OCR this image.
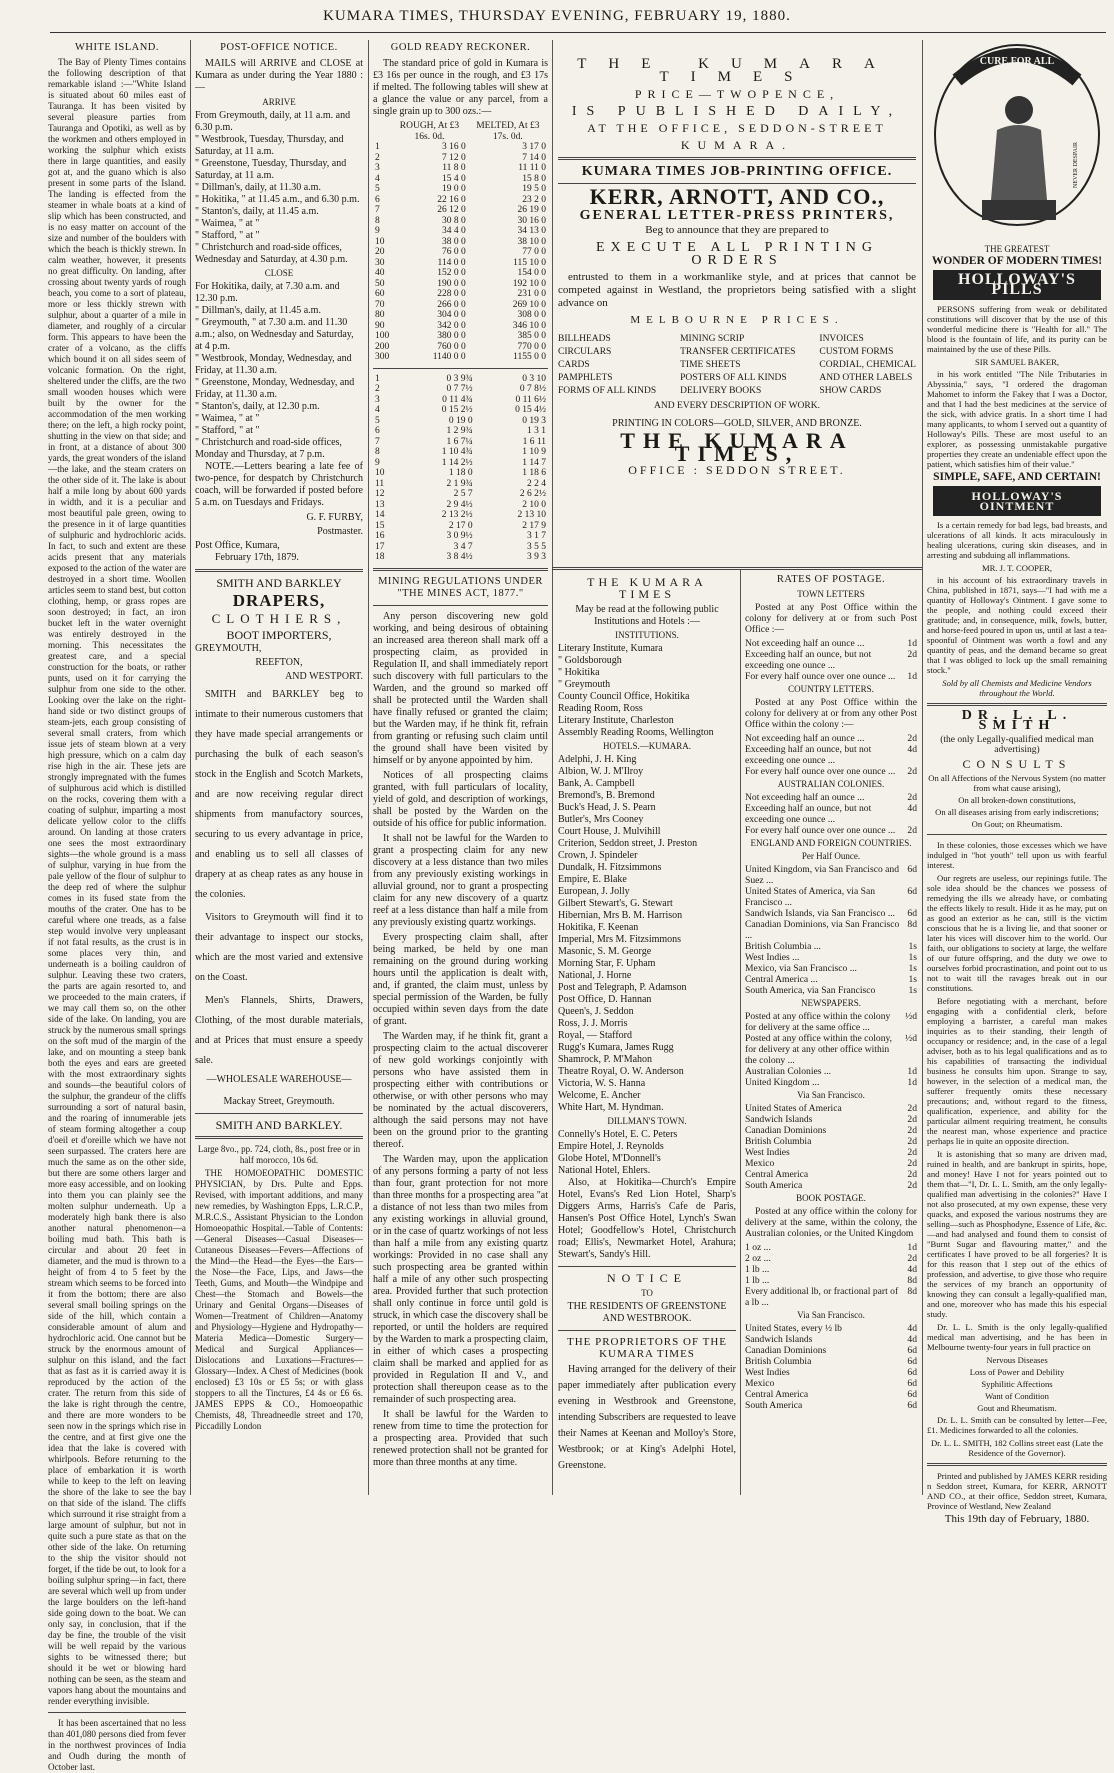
KUMARA TIMES, THURSDAY EVENING, FEBRUARY 19, 1880.
WHITE ISLAND.

The Bay of Plenty Times contains the following description of that remarkable island :—"White Island is situated about 60 miles east of Tauranga. It has been visited by several pleasure parties from Tauranga and Opotiki, as well as by the workmen and others employed in working the sulphur which exists there in large quantities, and easily got at, and the guano which is also present in some parts of the Island. The landing is effected from the steamer in whale boats at a kind of slip which has been constructed, and is no easy matter on account of the size and number of the boulders with which the beach is thickly strewn. In calm weather, however, it presents no great difficulty. On landing, after crossing about twenty yards of rough beach, you come to a sort of plateau, more or less thickly strewn with sulphur, about a quarter of a mile in diameter, and roughly of a circular form. This appears to have been the crater of a volcano, as the cliffs which bound it on all sides seem of volcanic formation. On the right, sheltered under the cliffs, are the two small wooden houses which were built by the owner for the accommodation of the men working there; on the left, a high rocky point, shutting in the view on that side; and in front, at a distance of about 300 yards, the great wonders of the island—the lake, and the steam craters on the other side of it. The lake is about half a mile long by about 600 yards in width, and it is a peculiar and most beautiful pale green, owing to the presence in it of large quantities of sulphuric and hydrochloric acids. In fact, to such and extent are these acids present that any materials exposed to the action of the water are destroyed in a short time. Woollen articles seem to stand best, but cotton clothing, hemp, or grass ropes are soon destroyed; in fact, an iron bucket left in the water overnight was entirely destroyed in the morning. This necessitates the greatest care, and a special construction for the boats, or rather punts, used on it for carrying the sulphur from one side to the other. Looking over the lake on the right-hand side or two distinct groups of steam-jets, each group consisting of several small craters, from which issue jets of steam blown at a very high pressure, which on a calm day rise high in the air. These jets are strongly impregnated with the fumes of sulphurous acid which is distilled on the rocks, covering them with a coating of sulphur, imparting a most delicate yellow color to the cliffs around. On landing at those craters one sees the most extraordinary sights—the whole ground is a mass of sulphur, varying in hue from the pale yellow of the flour of sulphur to the deep red of where the sulphur comes in its fused state from the mouths of the crater. One has to be careful where one treads, as a false step would involve very unpleasant if not fatal results, as the crust is in some places very thin, and underneath is a boiling cauldron of sulphur. Leaving these two craters, the parts are again resorted to, and we proceeded to the main craters, if we may call them so, on the other side of the lake. On landing, you are struck by the numerous small springs on the soft mud of the margin of the lake, and on mounting a steep bank both the eyes and ears are greeted with the most extraordinary sights and sounds—the beautiful colors of the sulphur, the grandeur of the cliffs surrounding a sort of natural basin, and the roaring of innumerable jets of steam forming altogether a coup d'oeil et d'oreille which we have not seen surpassed. The craters here are much the same as on the other side, but there are some others larger and more easy accessible, and on looking into them you can plainly see the molten sulphur underneath. Up a moderately high bank there is also another natural phenomenon—a boiling mud bath. This bath is circular and about 20 feet in diameter, and the mud is thrown to a height of from 4 to 5 feet by the stream which seems to be forced into it from the bottom; there are also several small boiling springs on the side of the hill, which contain a considerable amount of alum and hydrochloric acid. One cannot but be struck by the enormous amount of sulphur on this island, and the fact that as fast as it is carried away it is reproduced by the action of the crater. The return from this side of the lake is right through the centre, and there are more wonders to be seen now in the springs which rise in the centre, and at first give one the idea that the lake is covered with whirlpools. Before returning to the place of embarkation it is worth while to keep to the left on leaving the shore of the lake to see the bay on that side of the island. The cliffs which surround it rise straight from a large amount of sulphur, but not in quite such a pure state as that on the other side of the lake. On returning to the ship the visitor should not forget, if the tide be out, to look for a boiling sulphur spring—in fact, there are several which well up from under the large boulders on the left-hand side going down to the boat. We can only say, in conclusion, that if the day be fine, the trouble of the visit will be well repaid by the various sights to be witnessed there; but should it be wet or blowing hard nothing can be seen, as the steam and vapors hang about the mountains and render everything invisible.

It has been ascertained that no less than 401,080 persons died from fever in the northwest provinces of India and Oudh during the month of October last.

POST-OFFICE NOTICE.

MAILS will ARRIVE and CLOSE at Kumara as under during the Year 1880 :—

ARRIVE
From Greymouth, daily, at 11 a.m. and 6.30 p.m.
" Westbrook, Tuesday, Thursday, and Saturday, at 11 a.m.
" Greenstone, Tuesday, Thursday, and Saturday, at 11 a.m.
" Dillman's, daily, at 11.30 a.m.
" Hokitika, " at 11.45 a.m., and 6.30 p.m.
" Stanton's, daily, at 11.45 a.m.
" Waimea, " at "
" Stafford, " at "
" Christchurch and road-side offices, Wednesday and Saturday, at 4.30 p.m.
CLOSE
For Hokitika, daily, at 7.30 a.m. and 12.30 p.m.
" Dillman's, daily, at 11.45 a.m.
" Greymouth, " at 7.30 a.m. and 11.30 a.m.; also, on Wednesday and Saturday, at 4 p.m.
" Westbrook, Monday, Wednesday, and Friday, at 11.30 a.m.
" Greenstone, Monday, Wednesday, and Friday, at 11.30 a.m.
" Stanton's, daily, at 12.30 p.m.
" Waimea, " at "
" Stafford, " at "
" Christchurch and road-side offices, Monday and Thursday, at 7 p.m.

NOTE.—Letters bearing a late fee of two-pence, for despatch by Christchurch coach, will be forwarded if posted before 5 a.m. on Tuesdays and Fridays.

G. F. FURBY,
Postmaster.
Post Office, Kumara,
February 17th, 1879.
SMITH AND BARKLEY
DRAPERS,
CLOTHIERS,
BOOT IMPORTERS,
GREYMOUTH,
REEFTON,
AND WESTPORT.

SMITH and BARKLEY beg to intimate to their numerous customers that they have made special arrangements or purchasing the bulk of each season's stock in the English and Scotch Markets, and are now receiving regular direct shipments from manufactory sources, securing to us every advantage in price, and enabling us to sell all classes of drapery at as cheap rates as any house in the colonies.

Visitors to Greymouth will find it to their advantage to inspect our stocks, which are the most varied and extensive on the Coast.

Men's Flannels, Shirts, Drawers, Clothing, of the most durable materials, and at Prices that must ensure a speedy sale.

—WHOLESALE WAREHOUSE—
Mackay Street, Greymouth.
SMITH AND BARKLEY.

Large 8vo., pp. 724, cloth, 8s., post free or in half morocco, 10s 6d.

THE HOMOEOPATHIC DOMESTIC PHYSICIAN, by Drs. Pulte and Epps. Revised, with important additions, and many new remedies, by Washington Epps, L.R.C.P., M.R.C.S., Assistant Physician to the London Homoeopathic Hospital.—Table of Contents:—General Diseases—Casual Diseases—Cutaneous Diseases—Fevers—Affections of the Mind—the Head—the Eyes—the Ears—the Nose—the Face, Lips, and Jaws—the Teeth, Gums, and Mouth—the Windpipe and Chest—the Stomach and Bowels—the Urinary and Genital Organs—Diseases of Women—Treatment of Children—Anatomy and Physiology—Hygiene and Hydropathy—Materia Medica—Domestic Surgery—Medical and Surgical Appliances—Dislocations and Luxations—Fractures—Glossary—Index. A Chest of Medicines (book enclosed) £3 10s or £5 5s; or with glass stoppers to all the Tinctures, £4 4s or £6 6s. JAMES EPPS & CO., Homoeopathic Chemists, 48, Threadneedle street and 170, Piccadilly London

GOLD READY RECKONER.

The standard price of gold in Kumara is £3 16s per ounce in the rough, and £3 17s if melted. The following tables will shew at a glance the value or any parcel, from a single grain up to 300 ozs.:—

	ROUGH, At £3 16s. 0d.	MELTED, At £3 17s. 0d.
1	3 16 0	3 17 0
2	7 12 0	7 14 0
3	11 8 0	11 11 0
4	15 4 0	15 8 0
5	19 0 0	19 5 0
6	22 16 0	23 2 0
7	26 12 0	26 19 0
8	30 8 0	30 16 0
9	34 4 0	34 13 0
10	38 0 0	38 10 0
20	76 0 0	77 0 0
30	114 0 0	115 10 0
40	152 0 0	154 0 0
50	190 0 0	192 10 0
60	228 0 0	231 0 0
70	266 0 0	269 10 0
80	304 0 0	308 0 0
90	342 0 0	346 10 0
100	380 0 0	385 0 0
200	760 0 0	770 0 0
300	1140 0 0	1155 0 0
1	0 3 9¾	0 3 10
2	0 7 7½	0 7 8½
3	0 11 4¾	0 11 6½
4	0 15 2½	0 15 4½
5	0 19 0	0 19 3
6	1 2 9¾	1 3 1
7	1 6 7¼	1 6 11
8	1 10 4¾	1 10 9
9	1 14 2½	1 14 7
10	1 18 0	1 18 6
11	2 1 9¾	2 2 4
12	2 5 7	2 6 2½
13	2 9 4½	2 10 0
14	2 13 2½	2 13 10
15	2 17 0	2 17 9
16	3 0 9½	3 1 7
17	3 4 7	3 5 5
18	3 8 4½	3 9 3
MINING REGULATIONS UNDER "THE MINES ACT, 1877."

Any person discovering new gold working, and being desirous of obtaining an increased area thereon shall mark off a prospecting claim, as provided in Regulation II, and shall immediately report such discovery with full particulars to the Warden, and the ground so marked off shall be protected until the Warden shall have finally refused or granted the claim; but the Warden may, if he think fit, refrain from granting or refusing such claim until the ground shall have been visited by himself or by anyone appointed by him.

Notices of all prospecting claims granted, with full particulars of locality, yield of gold, and description of workings, shall be posted by the Warden on the outside of his office for public information.

It shall not be lawful for the Warden to grant a prospecting claim for any new discovery at a less distance than two miles from any previously existing workings in alluvial ground, nor to grant a prospecting claim for any new discovery of a quartz reef at a less distance than half a mile from any previously existing quartz workings.

Every prospecting claim shall, after being marked, be held by one man remaining on the ground during working hours until the application is dealt with, and, if granted, the claim must, unless by special permission of the Warden, be fully occupied within seven days from the date of grant.

The Warden may, if he think fit, grant a prospecting claim to the actual discoverer of new gold workings conjointly with persons who have assisted them in prospecting either with contributions or otherwise, or with other persons who may be nominated by the actual discoverers, although the said persons may not have been on the ground prior to the granting thereof.

The Warden may, upon the application of any persons forming a party of not less than four, grant protection for not more than three months for a prospecting area "at a distance of not less than two miles from any existing workings in alluvial ground, or in the case of quartz workings of not less than half a mile from any existing quartz workings: Provided in no case shall any such prospecting area be granted within half a mile of any other such prospecting area. Provided further that such protection shall only continue in force until gold is struck, in which case the discovery shall be reported, or until the holders are required by the Warden to mark a prospecting claim, in either of which cases a prospecting claim shall be marked and applied for as provided in Regulation II and V., and protection shall thereupon cease as to the remainder of such prospecting area.

It shall be lawful for the Warden to renew from time to time the protection for a prospecting area. Provided that such renewed protection shall not be granted for more than three months at any time.

THE KUMARA TIMES
PRICE—TWOPENCE,
IS PUBLISHED DAILY,
AT THE OFFICE, SEDDON-STREET
KUMARA.
KUMARA TIMES JOB-PRINTING OFFICE.
KERR, ARNOTT, AND CO.,
GENERAL LETTER-PRESS PRINTERS,
Beg to announce that they are prepared to
EXECUTE ALL PRINTING ORDERS

entrusted to them in a workmanlike style, and at prices that cannot be competed against in Westland, the proprietors being satisfied with a slight advance on

MELBOURNE PRICES.
BILLHEADS
CIRCULARS
CARDS
PAMPHLETS
FORMS OF ALL KINDS
MINING SCRIP
TRANSFER CERTIFICATES
TIME SHEETS
POSTERS OF ALL KINDS
DELIVERY BOOKS
INVOICES
CUSTOM FORMS
CORDIAL, CHEMICAL
AND OTHER LABELS
SHOW CARDS
AND EVERY DESCRIPTION OF WORK.
PRINTING IN COLORS—GOLD, SILVER, AND BRONZE.
THE KUMARA TIMES,
OFFICE : SEDDON STREET.
THE KUMARA TIMES

May be read at the following public Institutions and Hotels :—

INSTITUTIONS.
Literary Institute, Kumara
" Goldsborough
" Hokitika
" Greymouth
County Council Office, Hokitika
Reading Room, Ross
Literary Institute, Charleston
Assembly Reading Rooms, Wellington
HOTELS.—KUMARA.
Adelphi, J. H. King
Albion, W. J. M'Ilroy
Bank, A. Campbell
Bremond's, B. Bremond
Buck's Head, J. S. Pearn
Butler's, Mrs Cooney
Court House, J. Mulvihill
Criterion, Seddon street, J. Preston
Crown, J. Spindeler
Dundalk, H. Fitzsimmons
Empire, E. Blake
European, J. Jolly
Gilbert Stewart's, G. Stewart
Hibernian, Mrs B. M. Harrison
Hokitika, F. Keenan
Imperial, Mrs M. Fitzsimmons
Masonic, S. M. George
Morning Star, F. Upham
National, J. Horne
Post and Telegraph, P. Adamson
Post Office, D. Hannan
Queen's, J. Seddon
Ross, J. J. Morris
Royal, — Stafford
Rugg's Kumara, James Rugg
Shamrock, P. M'Mahon
Theatre Royal, O. W. Anderson
Victoria, W. S. Hanna
Welcome, E. Ancher
White Hart, M. Hyndman.
DILLMAN'S TOWN.
Connelly's Hotel, E. C. Peters
Empire Hotel, J. Reynolds
Globe Hotel, M'Donnell's
National Hotel, Ehlers.

Also, at Hokitika—Church's Empire Hotel, Evans's Red Lion Hotel, Sharp's Diggers Arms, Harris's Cafe de Paris, Hansen's Post Office Hotel, Lynch's Swan Hotel; Goodfellow's Hotel, Christchurch road; Ellis's, Newmarket Hotel, Arahura; Stewart's, Sandy's Hill.

NOTICE
TO
THE RESIDENTS OF GREENSTONE AND WESTBROOK.
THE PROPRIETORS OF THE KUMARA TIMES

Having arranged for the delivery of their paper immediately after publication every evening in Westbrook and Greenstone, intending Subscribers are requested to leave their Names at Keenan and Molloy's Store, Westbrook; or at King's Adelphi Hotel, Greenstone.

RATES OF POSTAGE.
TOWN LETTERS

Posted at any Post Office within the colony for delivery at or from such Post Office :—

Not exceeding half an ounce ...	1d
Exceeding half an ounce, but not exceeding one ounce ...
2d
For every half ounce over one ounce ...	1d
COUNTRY LETTERS.

Posted at any Post Office within the colony for delivery at or from any other Post Office within the colony :—

Not exceeding half an ounce ...	2d
Exceeding half an ounce, but not exceeding one ounce ...
4d
For every half ounce over one ounce ...	2d
AUSTRALIAN COLONIES.
Not exceeding half an ounce ...	2d
Exceeding half an ounce, but not exceeding one ounce ...
4d
For every half ounce over one ounce ...	2d
ENGLAND AND FOREIGN COUNTRIES.
Per Half Ounce.
United Kingdom, via San Francisco and Suez ...
6d
United States of America, via San Francisco ...
6d
Sandwich Islands, via San Francisco ...	6d
Canadian Dominions, via San Francisco ...
8d
British Columbia ...	1s
West Indies ...	1s
Mexico, via San Francisco ...	1s
Central America ...	1s
South America, via San Francisco	1s
NEWSPAPERS.
Posted at any office within the colony for delivery at the same office ...
½d
Posted at any office within the colony, for delivery at any other office within the colony ...
½d
Australian Colonies ...	1d
United Kingdom ...	1d
Via San Francisco.
United States of America	2d
Sandwich Islands	2d
Canadian Dominions	2d
British Columbia	2d
West Indies	2d
Mexico	2d
Central America	2d
South America	2d
BOOK POSTAGE.

Posted at any office within the colony for delivery at the same, within the colony, the Australian colonies, or the United Kingdom

1 oz ...	1d
2 oz ...	2d
1 lb ...	4d
1 lb ...	8d
Every additional lb, or fractional part of a lb ...
8d
Via San Francisco.
United States, every ½ lb	4d
Sandwich Islands	4d
Canadian Dominions	6d
British Columbia	6d
West Indies	6d
Mexico	6d
Central America	6d
South America	6d
CURE FOR ALL
NEVER DESPAIR
THE GREATEST
WONDER OF MODERN TIMES!
HOLLOWAY'S PILLS

PERSONS suffering from weak or debilitated constitutions will discover that by the use of this wonderful medicine there is "Health for all." The blood is the fountain of life, and its purity can be maintained by the use of these Pills.

SIR SAMUEL BAKER,

in his work entitled "The Nile Tributaries in Abyssinia," says, "I ordered the dragoman Mahomet to inform the Fakey that I was a Doctor, and that I had the best medicines at the service of the sick, with advice gratis. In a short time I had many applicants, to whom I served out a quantity of Holloway's Pills. These are most useful to an explorer, as possessing unmistakable purgative properties they create an undeniable effect upon the patient, which satisfies him of their value."

SIMPLE, SAFE, AND CERTAIN!
HOLLOWAY'S OINTMENT

Is a certain remedy for bad legs, bad breasts, and ulcerations of all kinds. It acts miraculously in healing ulcerations, curing skin diseases, and in arresting and subduing all inflammations.

MR. J. T. COOPER,

in his account of his extraordinary travels in China, published in 1871, says—"I had with me a quantity of Holloway's Ointment. I gave some to the people, and nothing could exceed their gratitude; and, in consequence, milk, fowls, butter, and horse-feed poured in upon us, until at last a tea-spoonful of Ointment was worth a fowl and any quantity of peas, and the demand became so great that I was obliged to lock up the small remaining stock."

Sold by all Chemists and Medicine Vendors throughout the World.

DR. L. L. SMITH
(the only Legally-qualified medical man advertising)
CONSULTS
On all Affections of the Nervous System (no matter from what cause arising),
On all broken-down constitutions,
On all diseases arising from early indiscretions;
On Gout; on Rheumatism.

In these colonies, those excesses which we have indulged in "hot youth" tell upon us with fearful interest.

Our regrets are useless, our repinings futile. The sole idea should be the chances we possess of remedying the ills we already have, or combating the effects likely to result. Hide it as he may, put on as good an exterior as he can, still is the victim conscious that he is a living lie, and that sooner or later his vices will discover him to the world. Our faith, our obligations to society at large, the welfare of our future offspring, and the duty we owe to ourselves forbid procrastination, and point out to us not to wait till the ravages break out in our constitutions.

Before negotiating with a merchant, before engaging with a confidential clerk, before employing a barrister, a careful man makes inquiries as to their standing, their length of occupancy or residence; and, in the case of a legal adviser, both as to his legal qualifications and as to his capabilities of transacting the individual business he consults him upon. Strange to say, however, in the selection of a medical man, the sufferer frequently omits these necessary precautions; and, without regard to the fitness, qualification, experience, and ability for the particular ailment requiring treatment, he consults the nearest man, whose experience and practice perhaps lie in quite an opposite direction.

It is astonishing that so many are driven mad, ruined in health, and are bankrupt in spirits, hope, and money! Have I not for years pointed out to them that—"I, Dr. L. L. Smith, am the only legally-qualified man advertising in the colonies?" Have I not also prosecuted, at my own expense, these very quacks, and exposed the various nostrums they are selling—such as Phosphodyne, Essence of Life, &c.—and had analysed and found them to consist of "Burnt Sugar and flavouring matter," and the certificates I have proved to be all forgeries? It is for this reason that I step out of the ethics of profession, and advertise, to give those who require the services of my branch an opportunity of knowing they can consult a legally-qualified man, and one, moreover who has made this his especial study.

Dr. L. L. Smith is the only legally-qualified medical man advertising, and he has been in Melbourne twenty-four years in full practice on

Nervous Diseases
Loss of Power and Debility
Syphilitic Affections
Want of Condition
Gout and Rheumatism.

Dr. L. L. Smith can be consulted by letter—Fee, £1. Medicines forwarded to all the colonies.

Dr. L. L. SMITH, 182 Collins street east (Late the Residence of the Governor).

Printed and published by JAMES KERR residing n Seddon street, Kumara, for KERR, ARNOTT AND CO., at their office, Seddon street, Kumara, Province of Westland, New Zealand

This 19th day of February, 1880.
